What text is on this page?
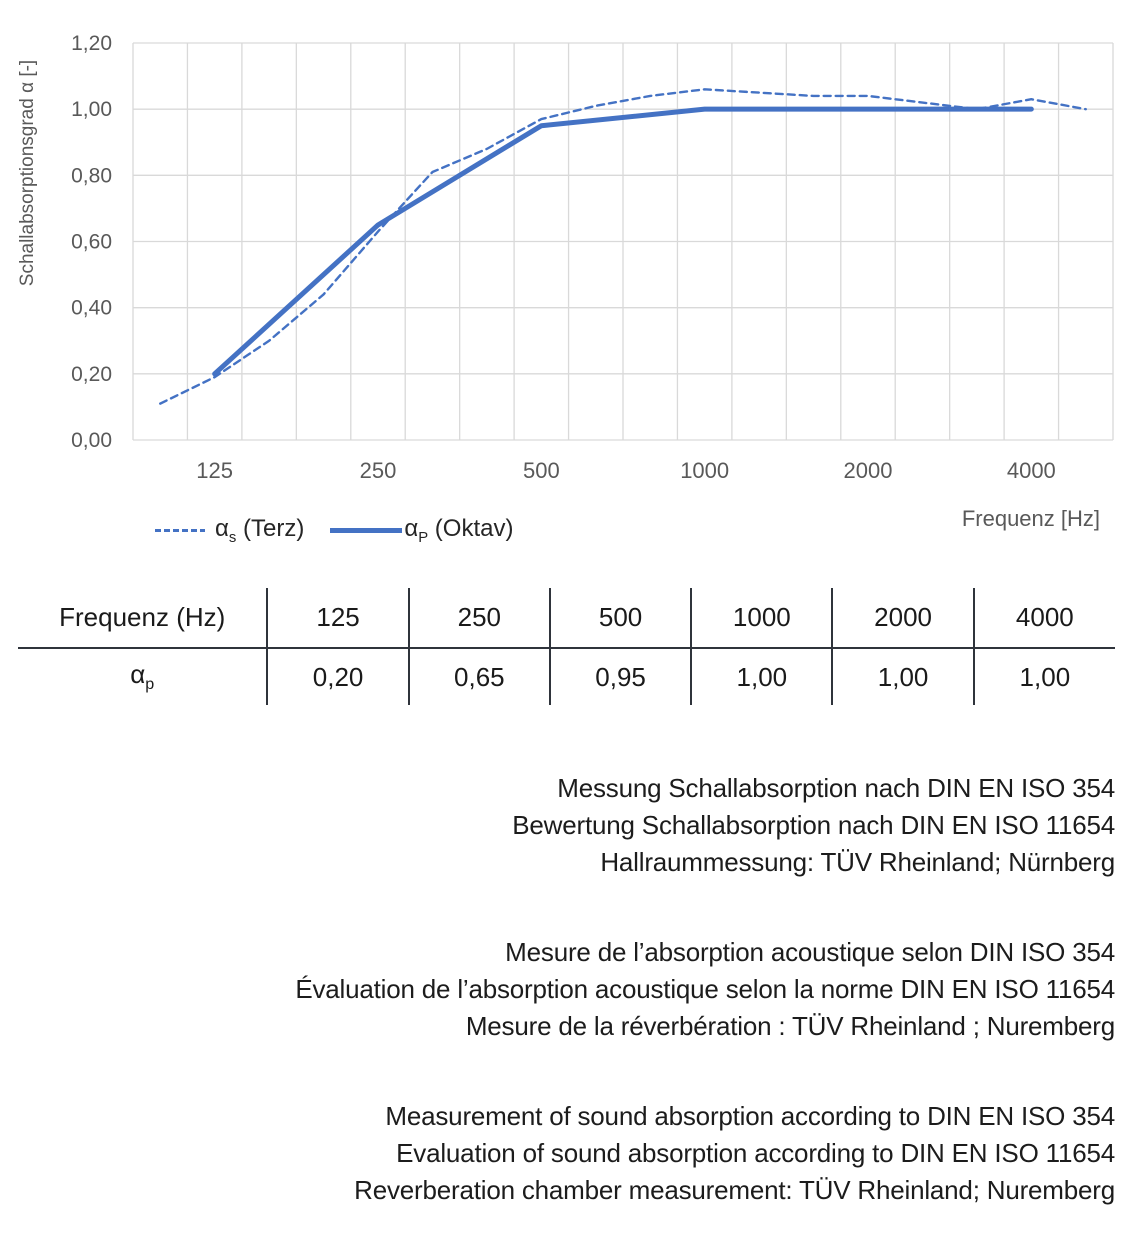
0,00
0,20
0,40
0,60
0,80
1,00
1,20
125	250	500	1000	2000	4000
Schallabsorptionsgrad α [-]
Frequenz [Hz]
$\alpha_s$ (Terz)	$\alpha_P$ (Oktav)
Frequenz (Hz)	125	250	500	1000	2000	4000
$\alpha_p$	0,20	0,65	0,95	1,00	1,00	1,00
Messung Schallabsorption nach DIN EN ISO 354
Bewertung Schallabsorption nach DIN EN ISO 11654
Hallraummessung: TÜV Rheinland; Nürnberg
Mesure de l’absorption acoustique selon DIN ISO 354
Évaluation de l’absorption acoustique selon la norme DIN EN ISO 11654
Mesure de la réverbération : TÜV Rheinland ; Nuremberg
Measurement of sound absorption according to DIN EN ISO 354
Evaluation of sound absorption according to DIN EN ISO 11654
Reverberation chamber measurement: TÜV Rheinland; Nuremberg
